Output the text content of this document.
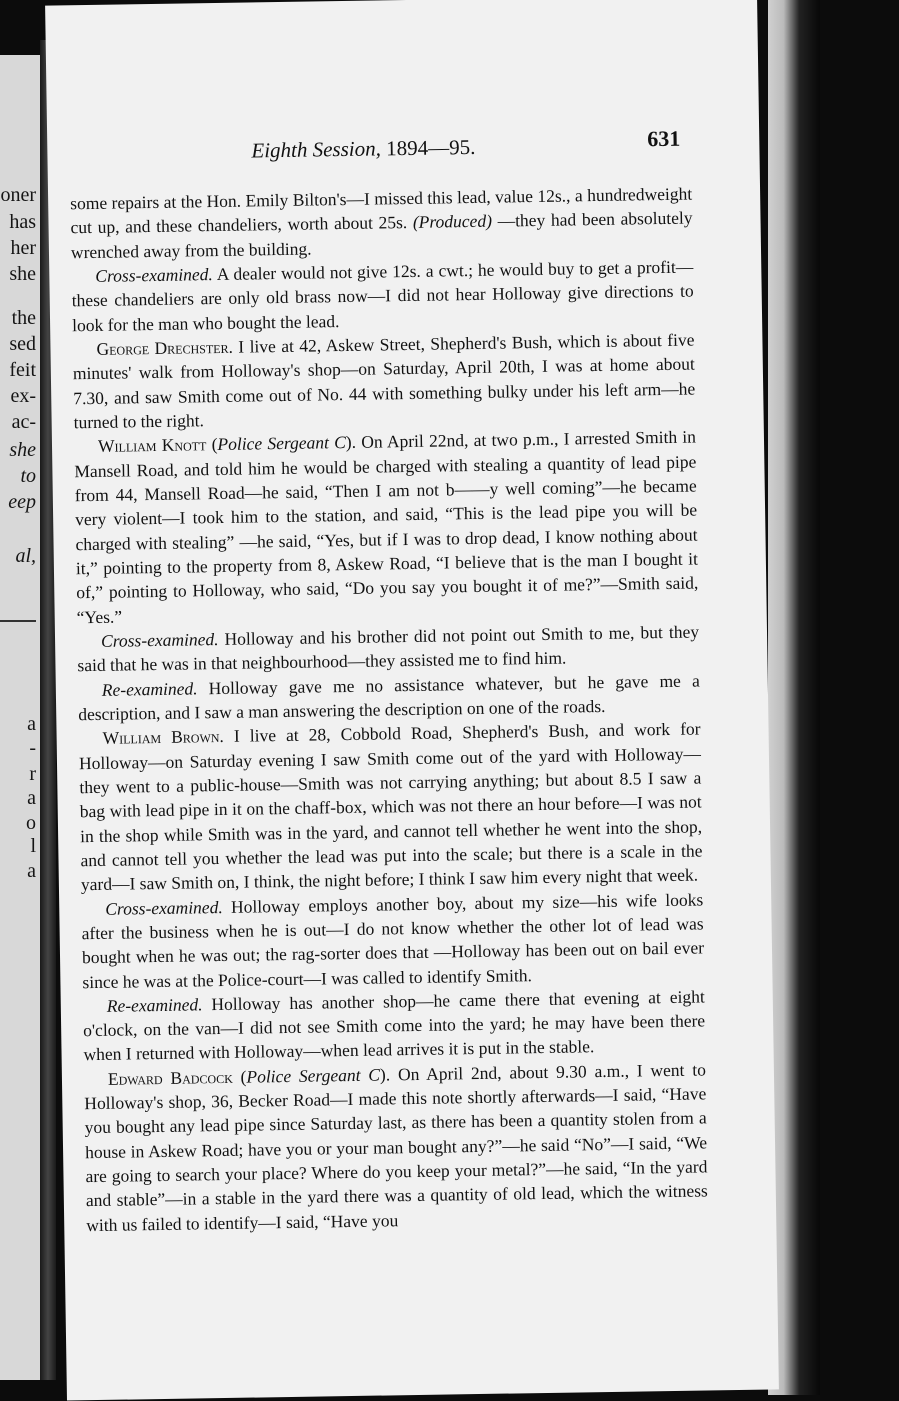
oner
has
her
she
the
sed
feit
ex-
ac-
she
to
eep
al,
a
-
r
a
o
l
a
Eighth Session, 1894—95.	631

some repairs at the Hon. Emily Bilton's—I missed this lead, value 12s., a hundredweight cut up, and these chandeliers, worth about 25s. (Produced) —they had been absolutely wrenched away from the building.

Cross-examined. A dealer would not give 12s. a cwt.; he would buy to get a profit—these chandeliers are only old brass now—I did not hear Holloway give directions to look for the man who bought the lead.

George Drechster. I live at 42, Askew Street, Shepherd's Bush, which is about five minutes' walk from Holloway's shop—on Saturday, April 20th, I was at home about 7.30, and saw Smith come out of No. 44 with something bulky under his left arm—he turned to the right.

William Knott (Police Sergeant C). On April 22nd, at two p.m., I arrested Smith in Mansell Road, and told him he would be charged with stealing a quantity of lead pipe from 44, Mansell Road—he said, “Then I am not b——y well coming”—he became very violent—I took him to the station, and said, “This is the lead pipe you will be charged with stealing” —he said, “Yes, but if I was to drop dead, I know nothing about it,” pointing to the property from 8, Askew Road, “I believe that is the man I bought it of,” pointing to Holloway, who said, “Do you say you bought it of me?”—Smith said, “Yes.”

Cross-examined. Holloway and his brother did not point out Smith to me, but they said that he was in that neighbourhood—they assisted me to find him.

Re-examined. Holloway gave me no assistance whatever, but he gave me a description, and I saw a man answering the description on one of the roads.

William Brown. I live at 28, Cobbold Road, Shepherd's Bush, and work for Holloway—on Saturday evening I saw Smith come out of the yard with Holloway—they went to a public-house—Smith was not carrying anything; but about 8.5 I saw a bag with lead pipe in it on the chaff-box, which was not there an hour before—I was not in the shop while Smith was in the yard, and cannot tell whether he went into the shop, and cannot tell you whether the lead was put into the scale; but there is a scale in the yard—I saw Smith on, I think, the night before; I think I saw him every night that week.

Cross-examined. Holloway employs another boy, about my size—his wife looks after the business when he is out—I do not know whether the other lot of lead was bought when he was out; the rag-sorter does that —Holloway has been out on bail ever since he was at the Police-court—I was called to identify Smith.

Re-examined. Holloway has another shop—he came there that evening at eight o'clock, on the van—I did not see Smith come into the yard; he may have been there when I returned with Holloway—when lead arrives it is put in the stable.

Edward Badcock (Police Sergeant C). On April 2nd, about 9.30 a.m., I went to Holloway's shop, 36, Becker Road—I made this note shortly afterwards—I said, “Have you bought any lead pipe since Saturday last, as there has been a quantity stolen from a house in Askew Road; have you or your man bought any?”—he said “No”—I said, “We are going to search your place? Where do you keep your metal?”—he said, “In the yard and stable”—in a stable in the yard there was a quantity of old lead, which the witness with us failed to identify—I said, “Have you
